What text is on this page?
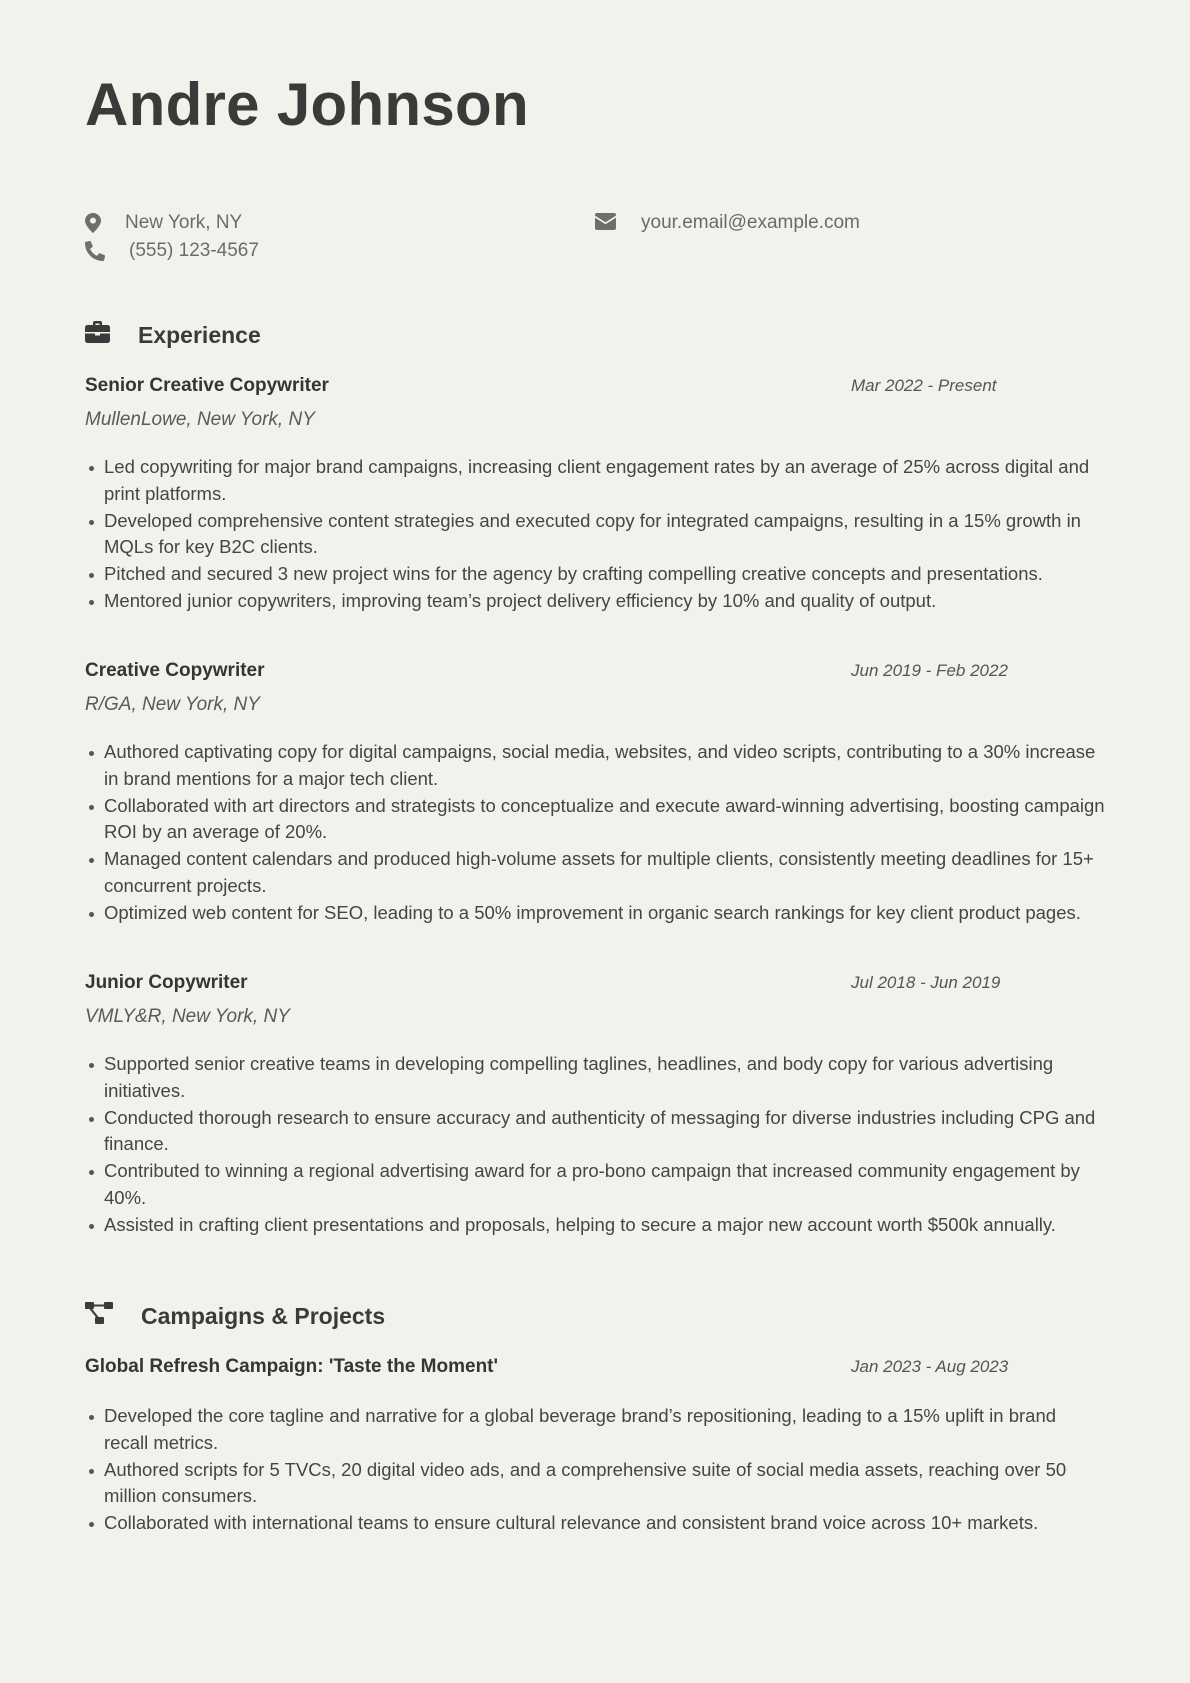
Andre Johnson
New York, NY
(555) 123-4567
your.email@example.com
Experience
Senior Creative Copywriter	Mar 2022 - Present
MullenLowe, New York, NY
Led copywriting for major brand campaigns, increasing client engagement rates by an average of 25% across digital and print platforms.
Developed comprehensive content strategies and executed copy for integrated campaigns, resulting in a 15% growth in MQLs for key B2C clients.
Pitched and secured 3 new project wins for the agency by crafting compelling creative concepts and presentations.
Mentored junior copywriters, improving team’s project delivery efficiency by 10% and quality of output.
Creative Copywriter	Jun 2019 - Feb 2022
R/GA, New York, NY
Authored captivating copy for digital campaigns, social media, websites, and video scripts, contributing to a 30% increase in brand mentions for a major tech client.
Collaborated with art directors and strategists to conceptualize and execute award-winning advertising, boosting campaign ROI by an average of 20%.
Managed content calendars and produced high-volume assets for multiple clients, consistently meeting deadlines for 15+ concurrent projects.
Optimized web content for SEO, leading to a 50% improvement in organic search rankings for key client product pages.
Junior Copywriter	Jul 2018 - Jun 2019
VMLY&R, New York, NY
Supported senior creative teams in developing compelling taglines, headlines, and body copy for various advertising initiatives.
Conducted thorough research to ensure accuracy and authenticity of messaging for diverse industries including CPG and finance.
Contributed to winning a regional advertising award for a pro-bono campaign that increased community engagement by 40%.
Assisted in crafting client presentations and proposals, helping to secure a major new account worth $500k annually.
Campaigns & Projects
Global Refresh Campaign: 'Taste the Moment'	Jan 2023 - Aug 2023
Developed the core tagline and narrative for a global beverage brand’s repositioning, leading to a 15% uplift in brand recall metrics.
Authored scripts for 5 TVCs, 20 digital video ads, and a comprehensive suite of social media assets, reaching over 50 million consumers.
Collaborated with international teams to ensure cultural relevance and consistent brand voice across 10+ markets.
